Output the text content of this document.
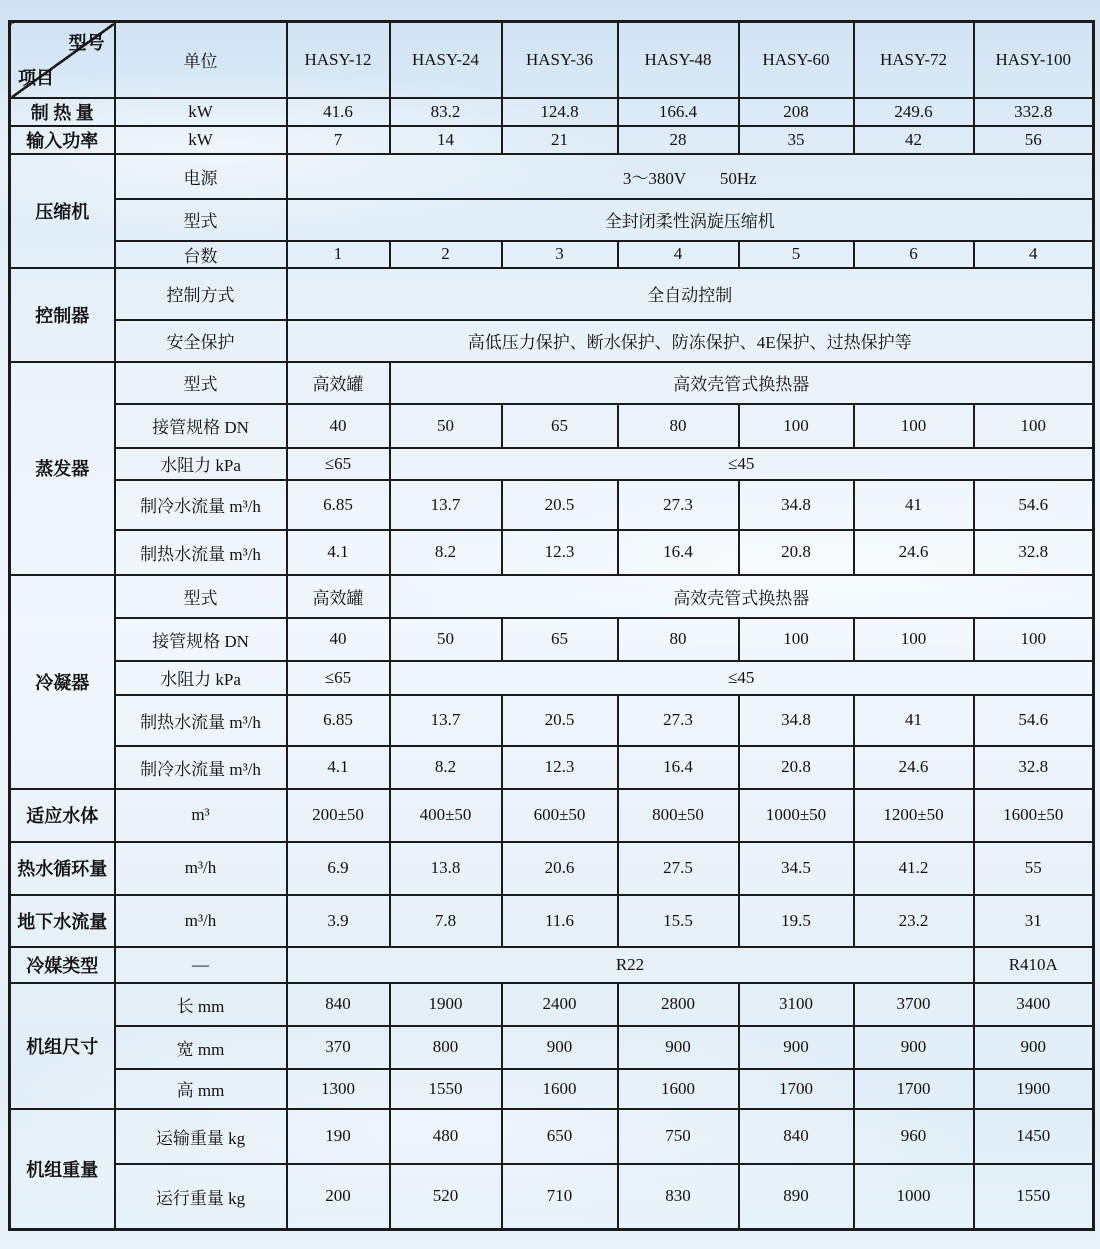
型号
项目	单位	HASY-12	HASY-24	HASY-36	HASY-48	HASY-60	HASY-72	HASY-100
制 热 量	kW	41.6	83.2	124.8	166.4	208	249.6	332.8
输入功率	kW	7	14	21	28	35	42	56
压缩机	电源	3～380V　　50Hz						
	型式	全封闭柔性涡旋压缩机						
	台数	1	2	3	4	5	6	4
控制器	控制方式	全自动控制						
	安全保护	高低压力保护、断水保护、防冻保护、4E保护、过热保护等						
蒸发器	型式	高效罐	高效壳管式换热器					
	接管规格 DN	40	50	65	80	100	100	100
	水阻力 kPa	≤65	≤45					
	制冷水流量 m³/h	6.85	13.7	20.5	27.3	34.8	41	54.6
	制热水流量 m³/h	4.1	8.2	12.3	16.4	20.8	24.6	32.8
冷凝器	型式	高效罐	高效壳管式换热器					
	接管规格 DN	40	50	65	80	100	100	100
	水阻力 kPa	≤65	≤45					
	制热水流量 m³/h	6.85	13.7	20.5	27.3	34.8	41	54.6
	制冷水流量 m³/h	4.1	8.2	12.3	16.4	20.8	24.6	32.8
适应水体	m³	200±50	400±50	600±50	800±50	1000±50	1200±50	1600±50
热水循环量	m³/h	6.9	13.8	20.6	27.5	34.5	41.2	55
地下水流量	m³/h	3.9	7.8	11.6	15.5	19.5	23.2	31
冷媒类型	—	R22						R410A
机组尺寸	长 mm	840	1900	2400	2800	3100	3700	3400
	宽 mm	370	800	900	900	900	900	900
	高 mm	1300	1550	1600	1600	1700	1700	1900
机组重量	运输重量 kg	190	480	650	750	840	960	1450
	运行重量 kg	200	520	710	830	890	1000	1550
